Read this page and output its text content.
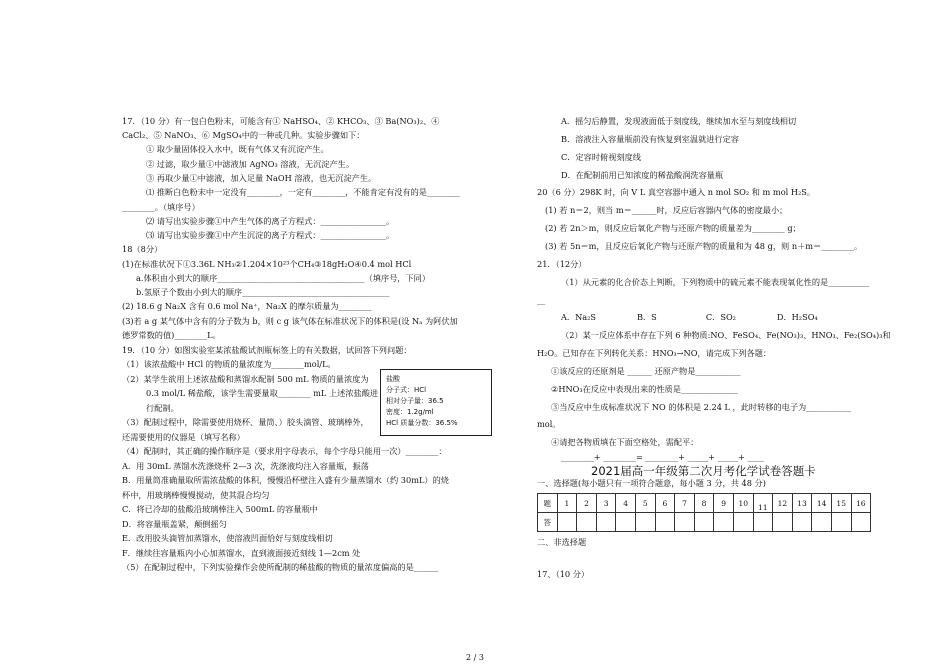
17．（10 分）有一包白色粉末，可能含有① NaHSO₄、② KHCO₃、③ Ba(NO₃)₂、④
CaCl₂、⑤ NaNO₃、⑥ MgSO₄中的一种或几种。实验步骤如下：
① 取少量固体投入水中，既有气体又有沉淀产生。
② 过滤，取少量①中滤液加 AgNO₃ 溶液，无沉淀产生。
③ 再取少量①中滤液，加入足量 NaOH 溶液，也无沉淀产生。
⑴ 推断白色粉末中一定没有________，一定有________，不能肯定有没有的是________
________。（填序号）
⑵ 请写出实验步骤①中产生气体的离子方程式：________________。
⑶ 请写出实验步骤①中产生沉淀的离子方程式：________________。
18（8分）
(1)在标准状况下①3.36L NH₃②1.204×10²³个CH₄③18gH₂O④0.4 mol HCl
a.体积由小到大的顺序____________________________________（填序号，下同）
b.氢原子个数由小到大的顺序____________________________________
(2) 18.6 g Na₂X 含有 0.6 mol Na⁺，Na₂X 的摩尔质量为________
(3)若 a g 某气体中含有的分子数为 b，则 c g 该气体在标准状况下的体积是(设 Nₐ 为阿伏加
德罗常数的值)________L。
19．（10 分）如图实验室某浓盐酸试剂瓶标签上的有关数据，试回答下列问题：
（1）该浓盐酸中 HCl 的物质的量浓度为________mol/L。
（2）某学生欲用上述浓盐酸和蒸馏水配制 500 mL 物质的量浓度为
0.3 mol/L 稀盐酸，该学生需要量取________ mL 上述浓盐酸进
行配制。
（3）配制过程中，除需要使用烧杯、量筒、）胶头滴管、玻璃棒外，
还需要使用的仪器是（填写名称）
（4）配制时，其正确的操作顺序是（要求用字母表示，每个字母只能用一次）________：
A．用 30mL 蒸馏水洗涤烧杯 2—3 次，洗涤液均注入容量瓶，振荡
B．用量筒准确量取所需浓盐酸的体积，慢慢沿杯壁注入盛有少量蒸馏水（约 30mL）的烧
杯中，用玻璃棒慢慢搅动，使其混合均匀
C．将已冷却的盐酸沿玻璃棒注入 500mL 的容量瓶中
D．将容量瓶盖紧，颠倒摇匀
E．改用胶头滴管加蒸馏水，使溶液凹面恰好与刻度线相切
F．继续往容量瓶内小心加蒸馏水，直到液面接近刻线 1—2cm 处
（5）在配制过程中，下列实验操作会使所配制的稀盐酸的物质的量浓度偏高的是______
盐酸
分子式：HCl
相对分子量：36.5
密度：1.2g/ml
HCl 质量分数：36.5%
A．摇匀后静置，发现液面低于刻度线，继续加水至与刻度线相切
B．溶液注入容量瓶前没有恢复到室温就进行定容
C．定容时俯视刻度线
D．在配制前用已知浓度的稀盐酸润洗容量瓶
20（6 分）298K 时，向 V L 真空容器中通入 n mol SO₂ 和 m mol H₂S。
(1) 若 n＝2，则当 m＝______时，反应后容器内气体的密度最小；
(2) 若 2n＞m，则反应后氧化产物与还原产物的质量差为________ g；
(3) 若 5n＝m，且反应后氧化产物与还原产物的质量和为 48 g，则 n＋m＝________。
21．（12分）
（1）从元素的化合价态上判断，下列物质中的硫元素不能表现氧化性的是__________
__
A．Na₂S　　　　　B．S　　　　　　C．SO₂　　　　　D．H₂SO₄
（2）某一反应体系中存在下列 6 种物质:NO、FeSO₄、Fe(NO₃)₃、HNO₃、Fe₂(SO₄)₃和
H₂O。已知存在下列转化关系：HNO₃→NO，请完成下列各题：
①该反应的还原剂是 ______ 还原产物是___________
②HNO₃在反应中表现出来的性质是______________
③当反应中生成标准状况下 NO 的体积是 2.24 L ，此时转移的电子为___________
mol。
④请把各物质填在下面空格处，需配平：
________+ ________= ________+ _____+ _____+ ____
一、选择题(每小题只有一项符合题意，每小题 3 分，共 48 分)
二、非选择题
17、（10 分）
2021届高一年级第二次月考化学试卷答题卡
题	1	2	3	4	5	6	7	8	9	10	11	12	13	14	15	16
答																
2 / 3
